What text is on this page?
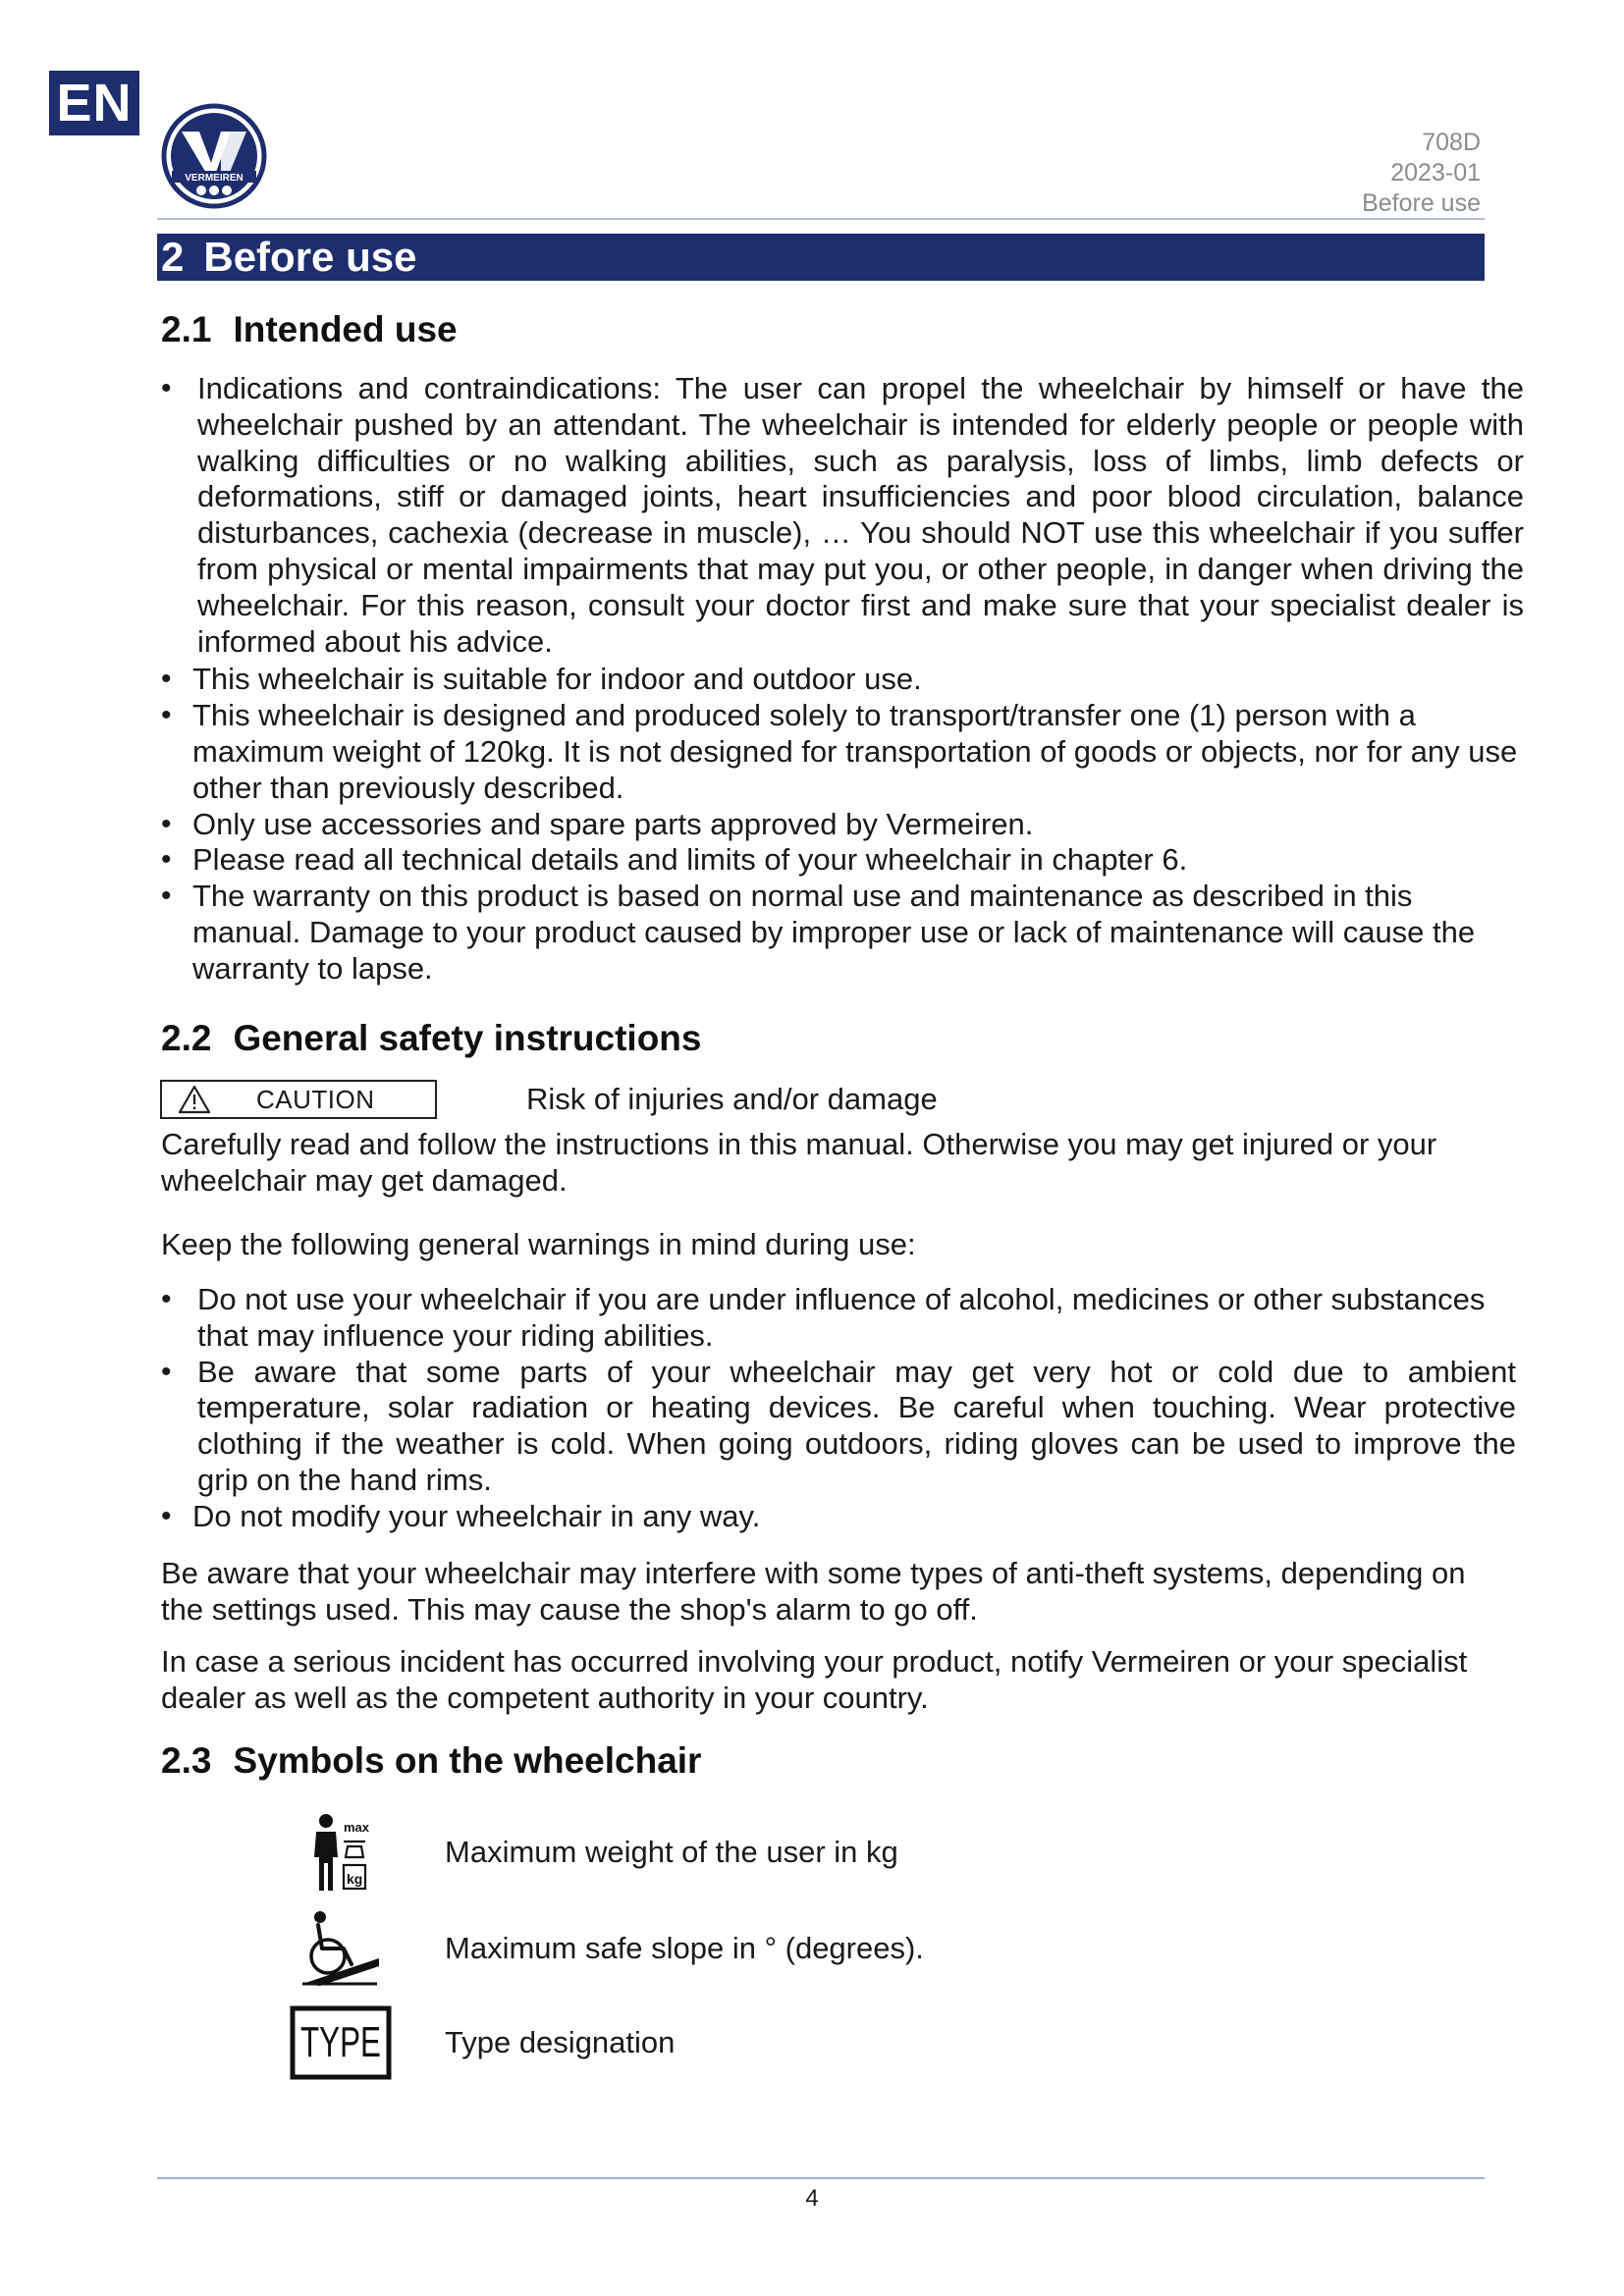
EN
VERMEIREN
708D
2023-01
Before use
2 Before use
2.1 Intended use
• Indications and contraindications: The user can propel the wheelchair by himself or have the wheelchair pushed by an attendant. The wheelchair is intended for elderly people or people with walking difficulties or no walking abilities, such as paralysis, loss of limbs, limb defects or deformations, stiff or damaged joints, heart insufficiencies and poor blood circulation, balance disturbances, cachexia (decrease in muscle), … You should NOT use this wheelchair if you suffer from physical or mental impairments that may put you, or other people, in danger when driving the wheelchair. For this reason, consult your doctor first and make sure that your specialist dealer is informed about his advice.
• This wheelchair is suitable for indoor and outdoor use.
• This wheelchair is designed and produced solely to transport/transfer one (1) person with a maximum weight of 120kg. It is not designed for transportation of goods or objects, nor for any use other than previously described.
• Only use accessories and spare parts approved by Vermeiren.
• Please read all technical details and limits of your wheelchair in chapter 6.
• The warranty on this product is based on normal use and maintenance as described in this manual. Damage to your product caused by improper use or lack of maintenance will cause the warranty to lapse.
2.2 General safety instructions
CAUTION	Risk of injuries and/or damage

Carefully read and follow the instructions in this manual. Otherwise you may get injured or your wheelchair may get damaged.

Keep the following general warnings in mind during use:

• Do not use your wheelchair if you are under influence of alcohol, medicines or other substances that may influence your riding abilities.
• Be aware that some parts of your wheelchair may get very hot or cold due to ambient temperature, solar radiation or heating devices. Be careful when touching. Wear protective clothing if the weather is cold. When going outdoors, riding gloves can be used to improve the grip on the hand rims.
• Do not modify your wheelchair in any way.

Be aware that your wheelchair may interfere with some types of anti-theft systems, depending on the settings used. This may cause the shop's alarm to go off.

In case a serious incident has occurred involving your product, notify Vermeiren or your specialist dealer as well as the competent authority in your country.

2.3 Symbols on the wheelchair
max
kg
Maximum weight of the user in kg
Maximum safe slope in ° (degrees).
TYPE Type designation
4
